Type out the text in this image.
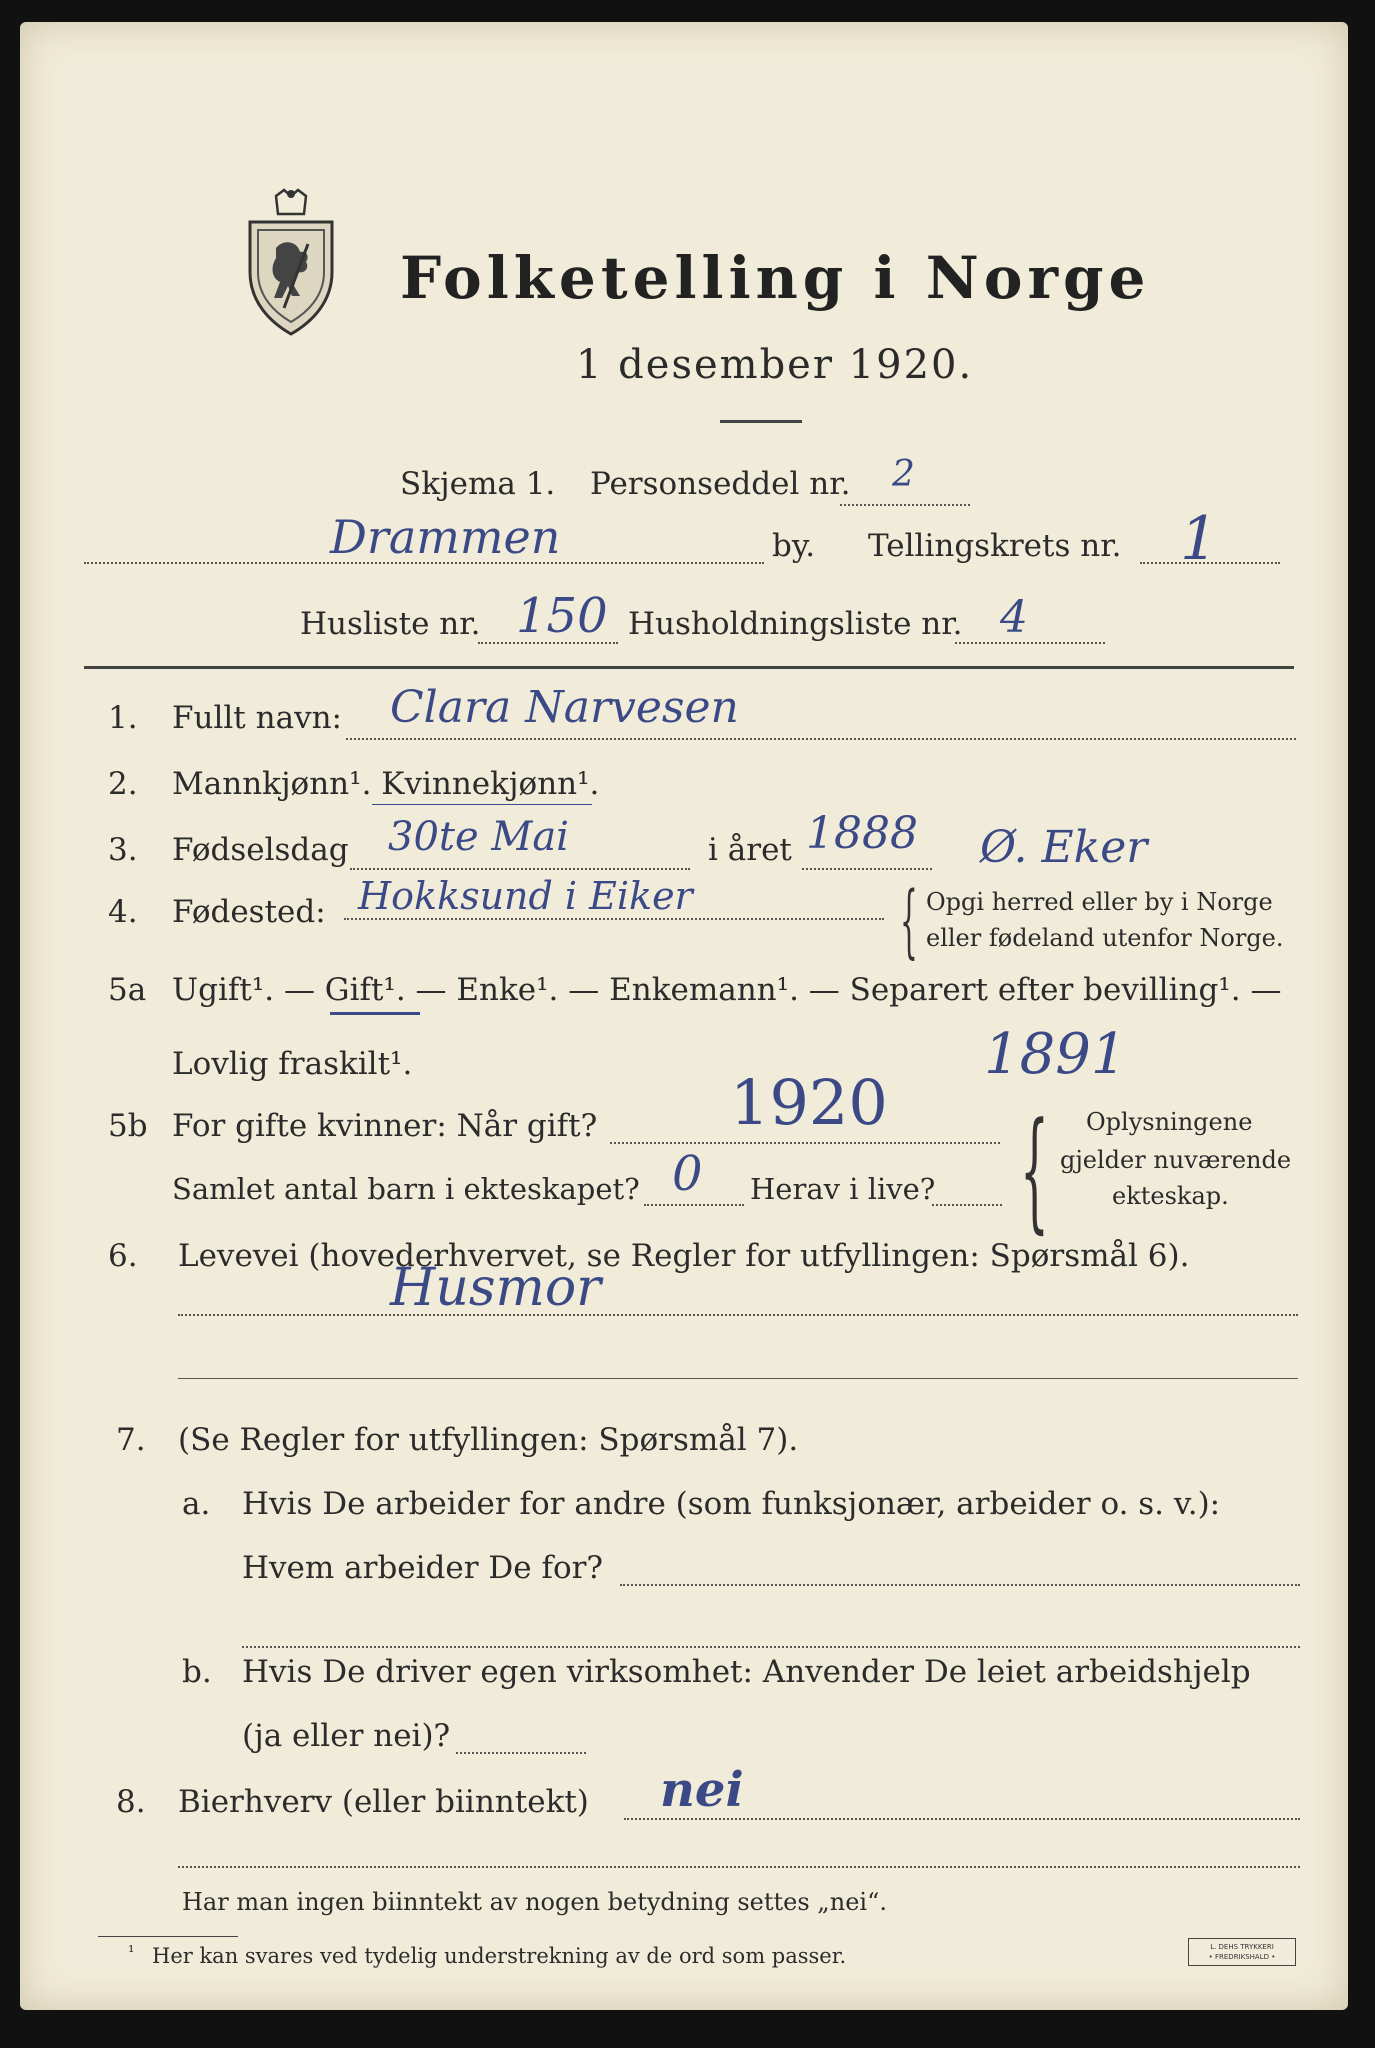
Folketelling i Norge
1 desember 1920.
Skjema 1. Personseddel nr. 2
Drammen	by. Tellingskrets nr. 1
Husliste nr. 150 Husholdningsliste nr. 4
1. Fullt navn: Clara Narvesen
2. Mannkjønn¹. Kvinnekjønn¹.
3. Fødselsdag 30te Mai	i året 1888 Ø. Eker
4. Fødested: Hokksund i Eiker	{ Opgi herred eller by i Norge
eller fødeland utenfor Norge.
5a Ugift¹. — Gift¹. — Enke¹. — Enkemann¹. — Separert efter bevilling¹. —
Lovlig fraskilt¹.	1891
5b For gifte kvinner: Når gift? 1920
Samlet antal barn i ekteskapet? 0 Herav i live? { Oplysningene
gjelder nuværende
ekteskap.
6. Levevei (hovederhvervet, se Regler for utfyllingen: Spørsmål 6).
Husmor
7. (Se Regler for utfyllingen: Spørsmål 7).
a. Hvis De arbeider for andre (som funksjonær, arbeider o. s. v.):
Hvem arbeider De for?
b. Hvis De driver egen virksomhet: Anvender De leiet arbeidshjelp
(ja eller nei)?
8. Bierhverv (eller biinntekt) nei
Har man ingen biinntekt av nogen betydning settes „nei“.
¹ Her kan svares ved tydelig understrekning av de ord som passer.	L. DEHS TRYKKERI
• FREDRIKSHALD •
